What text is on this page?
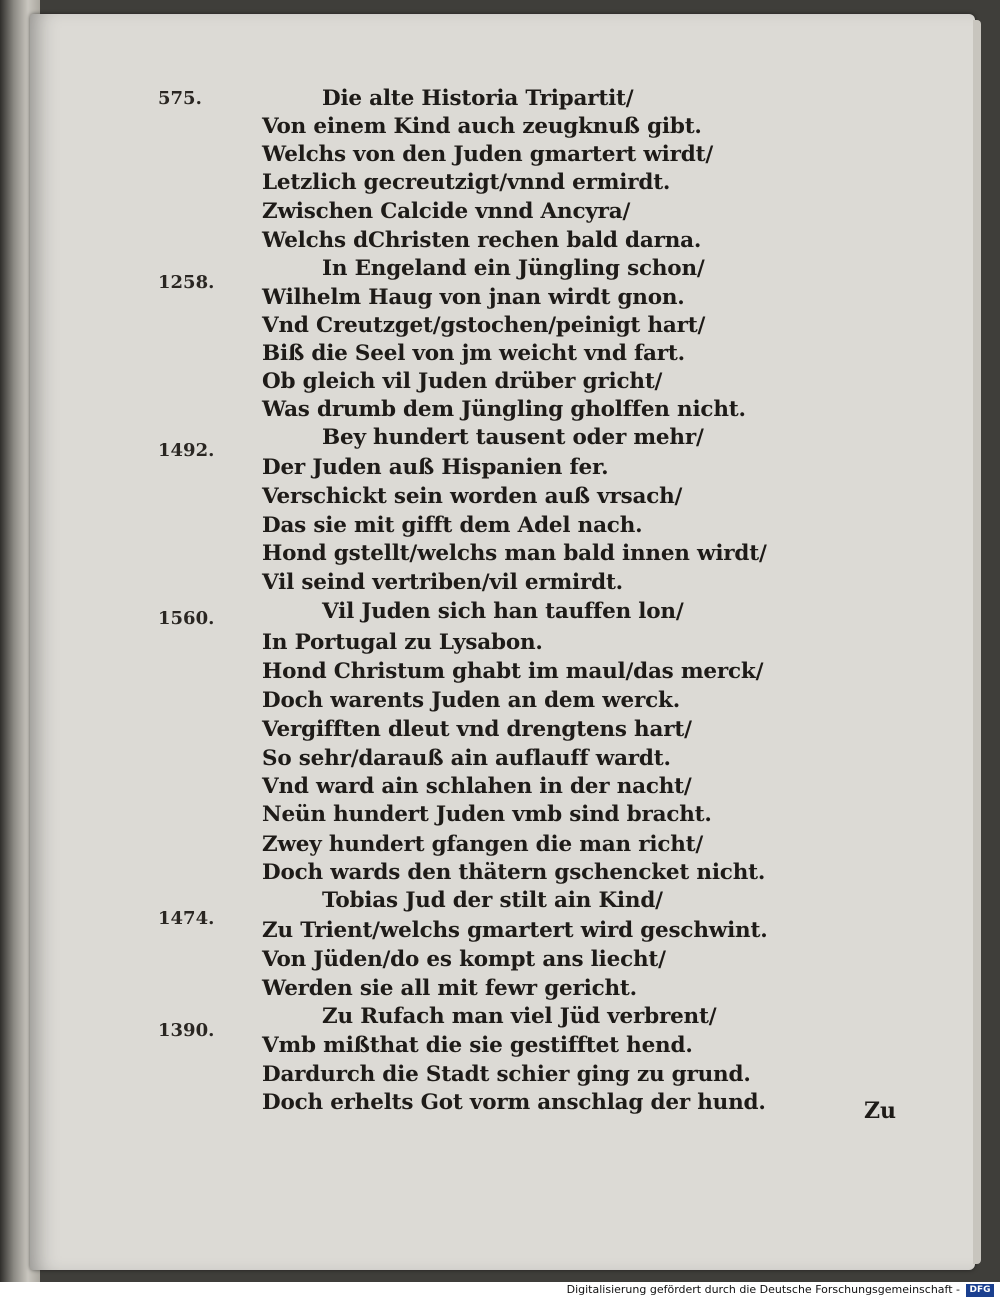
575.
1258.
1492.
1560.
1474.
1390.
Die alte Historia Tripartit/
Von einem Kind auch zeugknuß gibt.
Welchs von den Juden gmartert wirdt/
Letzlich gecreutzigt/vnnd ermirdt.
Zwischen Calcide vnnd Ancyra/
Welchs dChristen rechen bald darna.
In Engeland ein Jüngling schon/
Wilhelm Haug von jnan wirdt gnon.
Vnd Creutzget/gstochen/peinigt hart/
Biß die Seel von jm weicht vnd fart.
Ob gleich vil Juden drüber gricht/
Was drumb dem Jüngling gholffen nicht.
Bey hundert tausent oder mehr/
Der Juden auß Hispanien fer.
Verschickt sein worden auß vrsach/
Das sie mit gifft dem Adel nach.
Hond gstellt/welchs man bald innen wirdt/
Vil seind vertriben/vil ermirdt.
Vil Juden sich han tauffen lon/
In Portugal zu Lysabon.
Hond Christum ghabt im maul/das merck/
Doch warents Juden an dem werck.
Vergifften dleut vnd drengtens hart/
So sehr/darauß ain auflauff wardt.
Vnd ward ain schlahen in der nacht/
Neün hundert Juden vmb sind bracht.
Zwey hundert gfangen die man richt/
Doch wards den thätern gschencket nicht.
Tobias Jud der stilt ain Kind/
Zu Trient/welchs gmartert wird geschwint.
Von Jüden/do es kompt ans liecht/
Werden sie all mit fewr gericht.
Zu Rufach man viel Jüd verbrent/
Vmb mißthat die sie gestifftet hend.
Dardurch die Stadt schier ging zu grund.
Doch erhelts Got vorm anschlag der hund.	Zu
Digitalisierung gefördert durch die Deutsche Forschungsgemeinschaft -	DFG
